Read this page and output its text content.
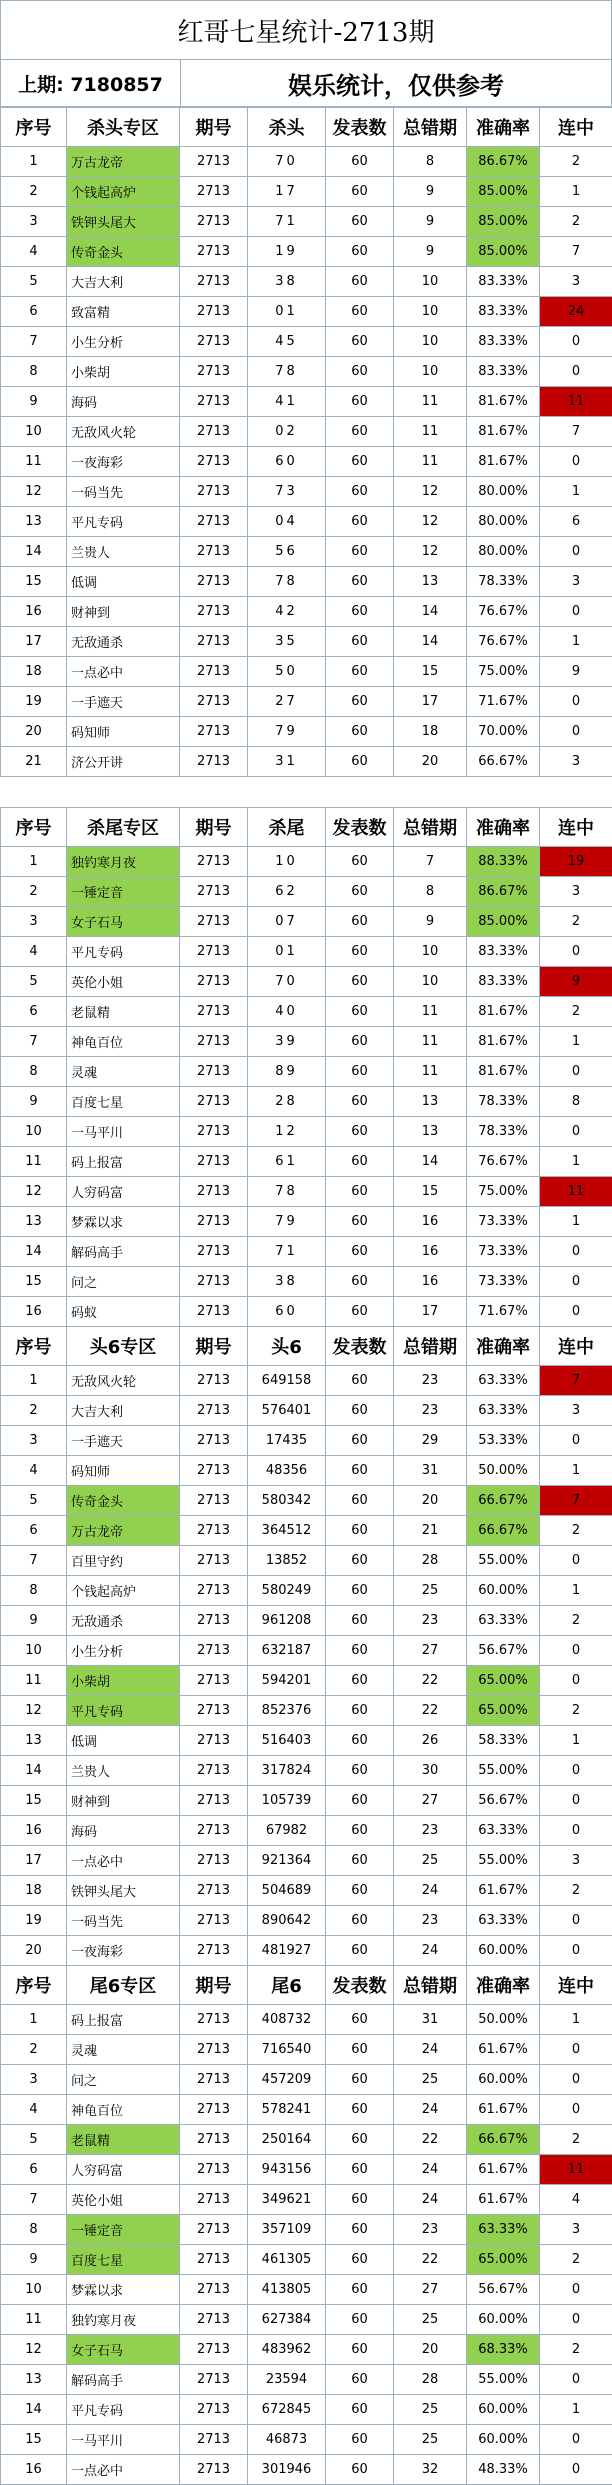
红哥七星统计-2713期
上期: 7180857	娱乐统计，仅供参考
序号	杀头专区	期号	杀头	发表数	总错期	准确率	连中
1	万古龙帝	2713	70	60	8	86.67%	2
2	个钱起高炉	2713	17	60	9	85.00%	1
3	铁钾头尾大	2713	71	60	9	85.00%	2
4	传奇金头	2713	19	60	9	85.00%	7
5	大吉大利	2713	38	60	10	83.33%	3
6	致富精	2713	01	60	10	83.33%	24
7	小生分析	2713	45	60	10	83.33%	0
8	小柴胡	2713	78	60	10	83.33%	0
9	海码	2713	41	60	11	81.67%	11
10	无敌风火轮	2713	02	60	11	81.67%	7
11	一夜海彩	2713	60	60	11	81.67%	0
12	一码当先	2713	73	60	12	80.00%	1
13	平凡专码	2713	04	60	12	80.00%	6
14	兰贵人	2713	56	60	12	80.00%	0
15	低调	2713	78	60	13	78.33%	3
16	财神到	2713	42	60	14	76.67%	0
17	无敌通杀	2713	35	60	14	76.67%	1
18	一点必中	2713	50	60	15	75.00%	9
19	一手遮天	2713	27	60	17	71.67%	0
20	码知师	2713	79	60	18	70.00%	0
21	济公开讲	2713	31	60	20	66.67%	3

序号	杀尾专区	期号	杀尾	发表数	总错期	准确率	连中
1	独钓寒月夜	2713	10	60	7	88.33%	19
2	一锤定音	2713	62	60	8	86.67%	3
3	女子石马	2713	07	60	9	85.00%	2
4	平凡专码	2713	01	60	10	83.33%	0
5	英伦小姐	2713	70	60	10	83.33%	9
6	老鼠精	2713	40	60	11	81.67%	2
7	神龟百位	2713	39	60	11	81.67%	1
8	灵魂	2713	89	60	11	81.67%	0
9	百度七星	2713	28	60	13	78.33%	8
10	一马平川	2713	12	60	13	78.33%	0
11	码上报富	2713	61	60	14	76.67%	1
12	人穷码富	2713	78	60	15	75.00%	11
13	梦霖以求	2713	79	60	16	73.33%	1
14	解码高手	2713	71	60	16	73.33%	0
15	问之	2713	38	60	16	73.33%	0
16	码蚁	2713	60	60	17	71.67%	0
序号	头6专区	期号	头6	发表数	总错期	准确率	连中
1	无敌风火轮	2713	649158	60	23	63.33%	7
2	大吉大利	2713	576401	60	23	63.33%	3
3	一手遮天	2713	17435	60	29	53.33%	0
4	码知师	2713	48356	60	31	50.00%	1
5	传奇金头	2713	580342	60	20	66.67%	7
6	万古龙帝	2713	364512	60	21	66.67%	2
7	百里守约	2713	13852	60	28	55.00%	0
8	个钱起高炉	2713	580249	60	25	60.00%	1
9	无敌通杀	2713	961208	60	23	63.33%	2
10	小生分析	2713	632187	60	27	56.67%	0
11	小柴胡	2713	594201	60	22	65.00%	0
12	平凡专码	2713	852376	60	22	65.00%	2
13	低调	2713	516403	60	26	58.33%	1
14	兰贵人	2713	317824	60	30	55.00%	0
15	财神到	2713	105739	60	27	56.67%	0
16	海码	2713	67982	60	23	63.33%	0
17	一点必中	2713	921364	60	25	55.00%	3
18	铁钾头尾大	2713	504689	60	24	61.67%	2
19	一码当先	2713	890642	60	23	63.33%	0
20	一夜海彩	2713	481927	60	24	60.00%	0
序号	尾6专区	期号	尾6	发表数	总错期	准确率	连中
1	码上报富	2713	408732	60	31	50.00%	1
2	灵魂	2713	716540	60	24	61.67%	0
3	问之	2713	457209	60	25	60.00%	0
4	神龟百位	2713	578241	60	24	61.67%	0
5	老鼠精	2713	250164	60	22	66.67%	2
6	人穷码富	2713	943156	60	24	61.67%	11
7	英伦小姐	2713	349621	60	24	61.67%	4
8	一锤定音	2713	357109	60	23	63.33%	3
9	百度七星	2713	461305	60	22	65.00%	2
10	梦霖以求	2713	413805	60	27	56.67%	0
11	独钓寒月夜	2713	627384	60	25	60.00%	0
12	女子石马	2713	483962	60	20	68.33%	2
13	解码高手	2713	23594	60	28	55.00%	0
14	平凡专码	2713	672845	60	25	60.00%	1
15	一马平川	2713	46873	60	25	60.00%	0
16	一点必中	2713	301946	60	32	48.33%	0
